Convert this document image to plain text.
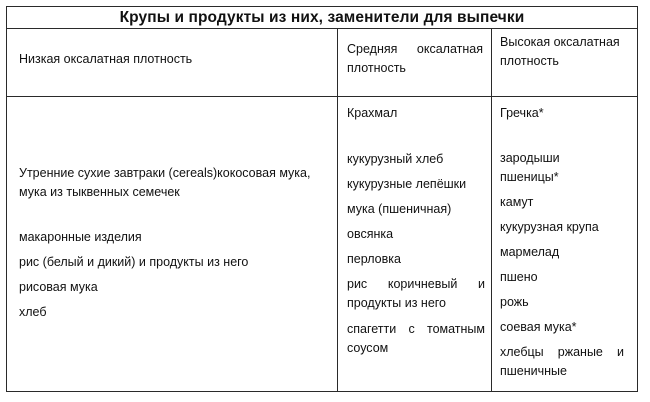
Крупы и продукты из них, заменители для выпечки

Низкая оксалатная плотность

Средняя оксалатная плотность

Высокая оксалатная плотность

Утренние сухие завтраки (cereals)кокосовая мука, мука из тыквенных семечек

макаронные изделия

рис (белый и дикий) и продукты из него

рисовая мука

хлеб

Крахмал

кукурузный хлеб

кукурузные лепёшки

мука (пшеничная)

овсянка

перловка

рис коричневый и продукты из него

спагетти с томатным соусом

Гречка*

зародыши пшеницы*

камут

кукурузная крупа

мармелад

пшено

рожь

соевая мука*

хлебцы ржаные и пшеничные
